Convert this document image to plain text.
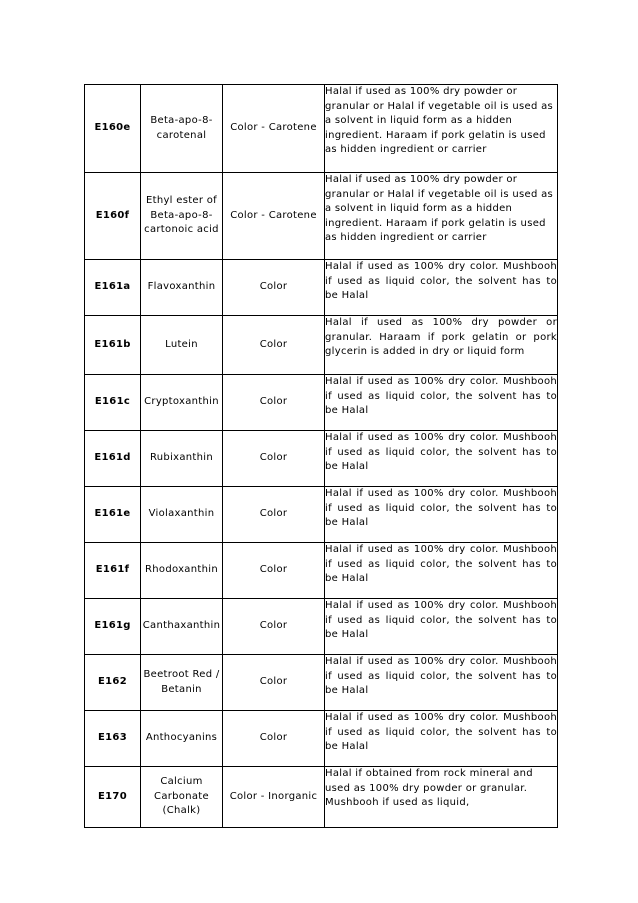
E160e	Beta-apo-8-carotenal	Color - Carotene	Halal if used as 100% dry powder or granular or Halal if vegetable oil is used as a solvent in liquid form as a hidden ingredient. Haraam if pork gelatin is used as hidden ingredient or carrier
E160f	Ethyl ester of Beta-apo-8-cartonoic acid	Color - Carotene	Halal if used as 100% dry powder or granular or Halal if vegetable oil is used as a solvent in liquid form as a hidden ingredient. Haraam if pork gelatin is used as hidden ingredient or carrier
E161a	Flavoxanthin	Color	Halal if used as 100% dry color. Mushbooh if used as liquid color, the solvent has to be Halal
E161b	Lutein	Color	Halal if used as 100% dry powder or granular. Haraam if pork gelatin or pork glycerin is added in dry or liquid form
E161c	Cryptoxanthin	Color	Halal if used as 100% dry color. Mushbooh if used as liquid color, the solvent has to be Halal
E161d	Rubixanthin	Color	Halal if used as 100% dry color. Mushbooh if used as liquid color, the solvent has to be Halal
E161e	Violaxanthin	Color	Halal if used as 100% dry color. Mushbooh if used as liquid color, the solvent has to be Halal
E161f	Rhodoxanthin	Color	Halal if used as 100% dry color. Mushbooh if used as liquid color, the solvent has to be Halal
E161g	Canthaxanthin	Color	Halal if used as 100% dry color. Mushbooh if used as liquid color, the solvent has to be Halal
E162	Beetroot Red / Betanin	Color	Halal if used as 100% dry color. Mushbooh if used as liquid color, the solvent has to be Halal
E163	Anthocyanins	Color	Halal if used as 100% dry color. Mushbooh if used as liquid color, the solvent has to be Halal
E170	Calcium Carbonate (Chalk)	Color - Inorganic	Halal if obtained from rock mineral and used as 100% dry powder or granular. Mushbooh if used as liquid,
